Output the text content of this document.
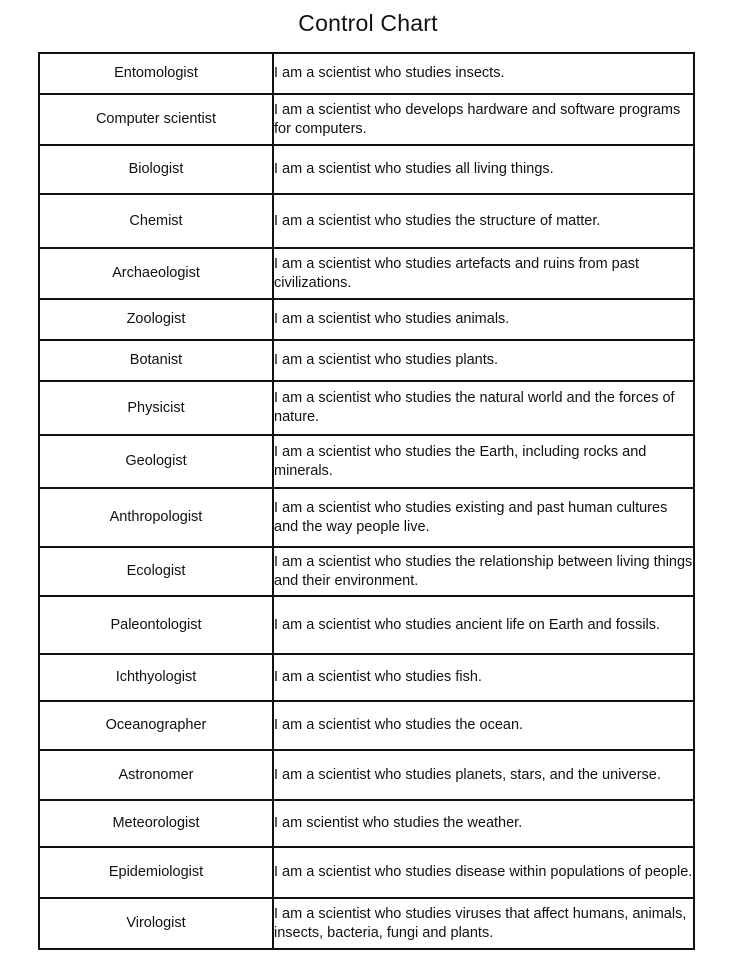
Control Chart
Entomologist	I am a scientist who studies insects.
Computer scientist	I am a scientist who develops hardware and software programs for computers.
Biologist	I am a scientist who studies all living things.
Chemist	I am a scientist who studies the structure of matter.
Archaeologist	I am a scientist who studies artefacts and ruins from past civilizations.
Zoologist	I am a scientist who studies animals.
Botanist	I am a scientist who studies plants.
Physicist	I am a scientist who studies the natural world and the forces of nature.
Geologist	I am a scientist who studies the Earth, including rocks and minerals.
Anthropologist	I am a scientist who studies existing and past human cultures and the way people live.
Ecologist	I am a scientist who studies the relationship between living things and their environment.
Paleontologist	I am a scientist who studies ancient life on Earth and fossils.
Ichthyologist	I am a scientist who studies fish.
Oceanographer	I am a scientist who studies the ocean.
Astronomer	I am a scientist who studies planets, stars, and the universe.
Meteorologist	I am scientist who studies the weather.
Epidemiologist	I am a scientist who studies disease within populations of people.
Virologist	I am a scientist who studies viruses that affect humans, animals, insects, bacteria, fungi and plants.
